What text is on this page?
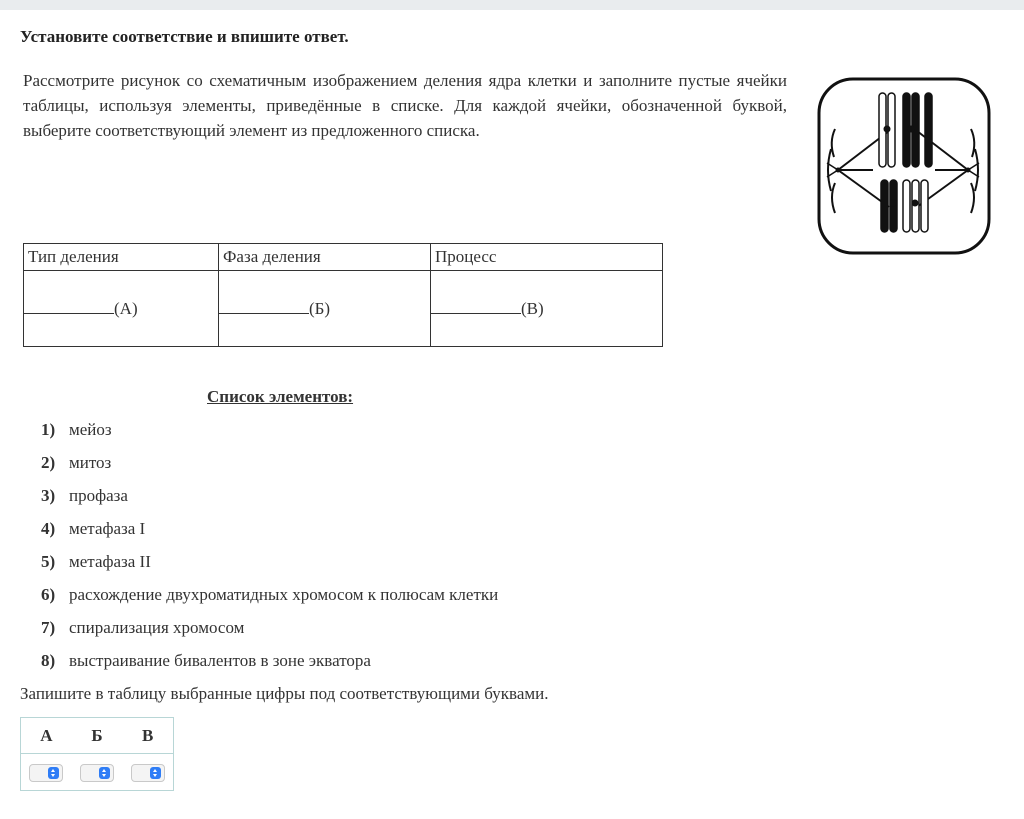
Установите соответствие и впишите ответ.
Рассмотрите рисунок со схематичным изображением деления ядра клетки и заполните пустые ячейки таблицы, используя элементы, приведённые в списке. Для каждой ячейки, обозначенной буквой, выберите соответствующий элемент из предложенного списка.
Тип деления	Фаза деления	Процесс
(А)	(Б)	(В)
Список элементов:
1) мейоз
2) митоз
3) профаза
4) метафаза I
5) метафаза II
6) расхождение двухроматидных хромосом к полюсам клетки
7) спирализация хромосом
8) выстраивание бивалентов в зоне экватора
Запишите в таблицу выбранные цифры под соответствующими буквами.
А	Б	В
